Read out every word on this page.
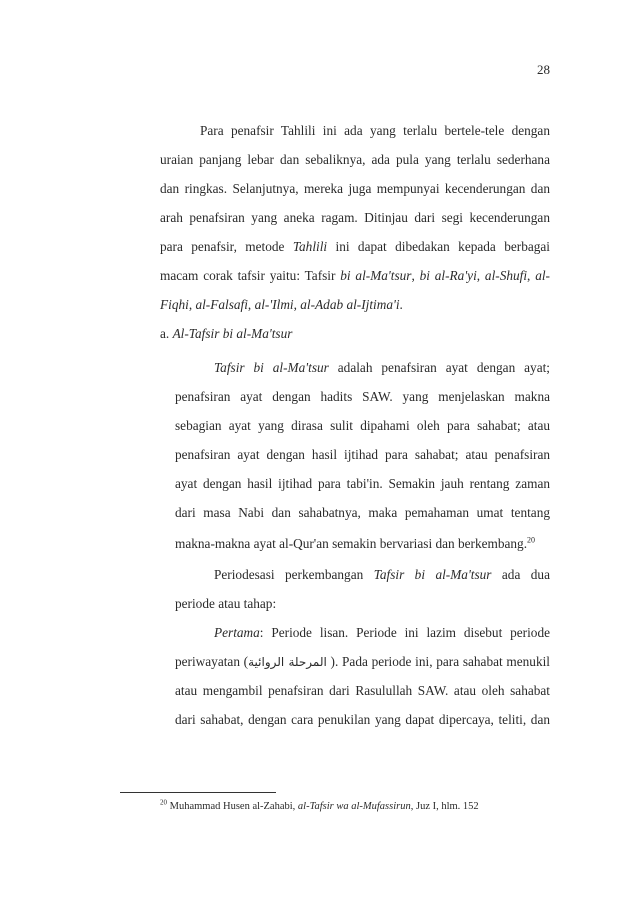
28
Para penafsir Tahlili ini ada yang terlalu bertele-tele dengan
uraian panjang lebar dan sebaliknya, ada pula yang terlalu sederhana
dan ringkas. Selanjutnya, mereka juga mempunyai kecenderungan dan
arah penafsiran yang aneka ragam. Ditinjau dari segi kecenderungan
para penafsir, metode Tahlili ini dapat dibedakan kepada berbagai
macam corak tafsir yaitu: Tafsir bi al-Ma'tsur, bi al-Ra'yi, al-Shufi, al-
Fiqhi, al-Falsafi, al-'Ilmi, al-Adab al-Ijtima'i.
a. Al-Tafsir bi al-Ma'tsur
Tafsir bi al-Ma'tsur adalah penafsiran ayat dengan ayat;
penafsiran ayat dengan hadits SAW. yang menjelaskan makna
sebagian ayat yang dirasa sulit dipahami oleh para sahabat; atau
penafsiran ayat dengan hasil ijtihad para sahabat; atau penafsiran
ayat dengan hasil ijtihad para tabi'in. Semakin jauh rentang zaman
dari masa Nabi dan sahabatnya, maka pemahaman umat tentang
makna-makna ayat al-Qur'an semakin bervariasi dan berkembang.$^{20}$
Periodesasi perkembangan Tafsir bi al-Ma'tsur ada dua
periode atau tahap:
Pertama: Periode lisan. Periode ini lazim disebut periode
periwayatan (المرحلة الروائية ). Pada periode ini, para sahabat menukil
atau mengambil penafsiran dari Rasulullah SAW. atau oleh sahabat
dari sahabat, dengan cara penukilan yang dapat dipercaya, teliti, dan
$^{20}$ Muhammad Husen al-Zahabi, al-Tafsir wa al-Mufassirun, Juz I, hlm. 152
